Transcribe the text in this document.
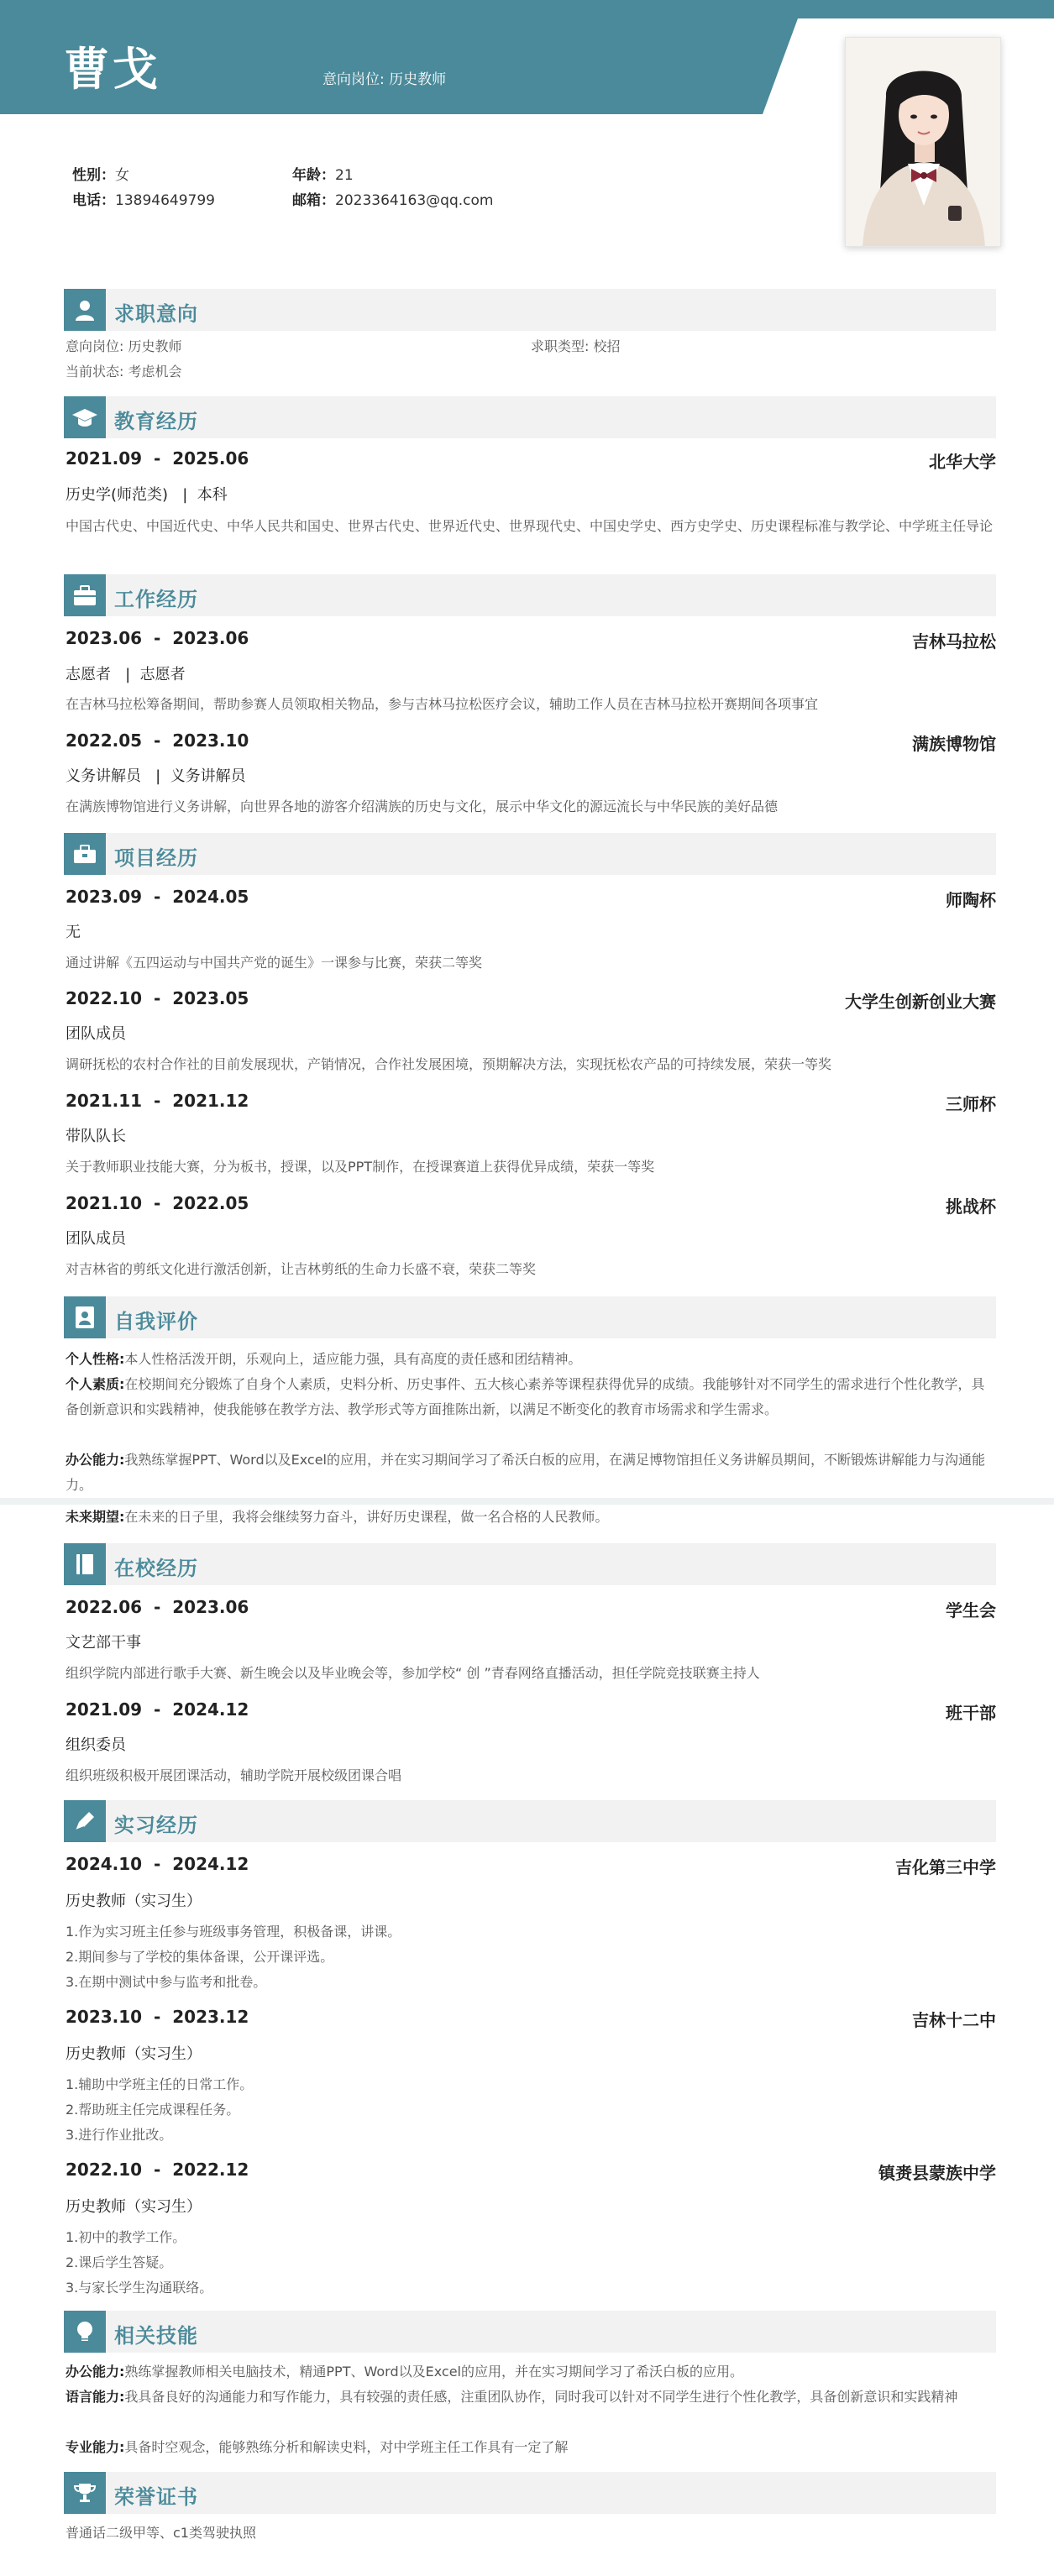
曹戈	意向岗位: 历史教师
性别：女	年龄：21
电话：13894649799	邮箱：2023364163@qq.com
求职意向
意向岗位: 历史教师	求职类型: 校招
当前状态: 考虑机会
教育经历
2021.09  -  2025.06	北华大学
历史学(师范类)   |  本科
中国古代史、中国近代史、中华人民共和国史、世界古代史、世界近代史、世界现代史、中国史学史、西方史学史、历史课程标准与教学论、中学班主任导论
工作经历
2023.06  -  2023.06	吉林马拉松
志愿者   |  志愿者
在吉林马拉松筹备期间，帮助参赛人员领取相关物品，参与吉林马拉松医疗会议，辅助工作人员在吉林马拉松开赛期间各项事宜
2022.05  -  2023.10	满族博物馆
义务讲解员   |  义务讲解员
在满族博物馆进行义务讲解，向世界各地的游客介绍满族的历史与文化，展示中华文化的源远流长与中华民族的美好品德
项目经历
2023.09  -  2024.05	师陶杯
无
通过讲解《五四运动与中国共产党的诞生》一课参与比赛，荣获二等奖
2022.10  -  2023.05	大学生创新创业大赛
团队成员
调研抚松的农村合作社的目前发展现状，产销情况，合作社发展困境，预期解决方法，实现抚松农产品的可持续发展，荣获一等奖
2021.11  -  2021.12	三师杯
带队队长
关于教师职业技能大赛，分为板书，授课，以及PPT制作，在授课赛道上获得优异成绩，荣获一等奖
2021.10  -  2022.05	挑战杯
团队成员
对吉林省的剪纸文化进行激活创新，让吉林剪纸的生命力长盛不衰，荣获二等奖
自我评价
个人性格:本人性格活泼开朗，乐观向上，适应能力强，具有高度的责任感和团结精神。
个人素质:在校期间充分锻炼了自身个人素质，史料分析、历史事件、五大核心素养等课程获得优异的成绩。我能够针对不同学生的需求进行个性化教学，具备创新意识和实践精神，使我能够在教学方法、教学形式等方面推陈出新，以满足不断变化的教育市场需求和学生需求。
办公能力:我熟练掌握PPT、Word以及Excel的应用，并在实习期间学习了希沃白板的应用，在满足博物馆担任义务讲解员期间，不断锻炼讲解能力与沟通能力。
未来期望:在未来的日子里，我将会继续努力奋斗，讲好历史课程，做一名合格的人民教师。
在校经历
2022.06  -  2023.06	学生会
文艺部干事
组织学院内部进行歌手大赛、新生晚会以及毕业晚会等，参加学校“ 创 ”青春网络直播活动，担任学院竞技联赛主持人
2021.09  -  2024.12	班干部
组织委员
组织班级积极开展团课活动，辅助学院开展校级团课合唱
实习经历
2024.10  -  2024.12	吉化第三中学
历史教师（实习生）
1.作为实习班主任参与班级事务管理，积极备课，讲课。
2.期间参与了学校的集体备课，公开课评选。
3.在期中测试中参与监考和批卷。
2023.10  -  2023.12	吉林十二中
历史教师（实习生）
1.辅助中学班主任的日常工作。
2.帮助班主任完成课程任务。
3.进行作业批改。
2022.10  -  2022.12	镇赉县蒙族中学
历史教师（实习生）
1.初中的教学工作。
2.课后学生答疑。
3.与家长学生沟通联络。
相关技能
办公能力:熟练掌握教师相关电脑技术，精通PPT、Word以及Excel的应用，并在实习期间学习了希沃白板的应用。
语言能力:我具备良好的沟通能力和写作能力，具有较强的责任感，注重团队协作，同时我可以针对不同学生进行个性化教学，具备创新意识和实践精神
专业能力:具备时空观念，能够熟练分析和解读史料，对中学班主任工作具有一定了解
荣誉证书
普通话二级甲等、c1类驾驶执照
